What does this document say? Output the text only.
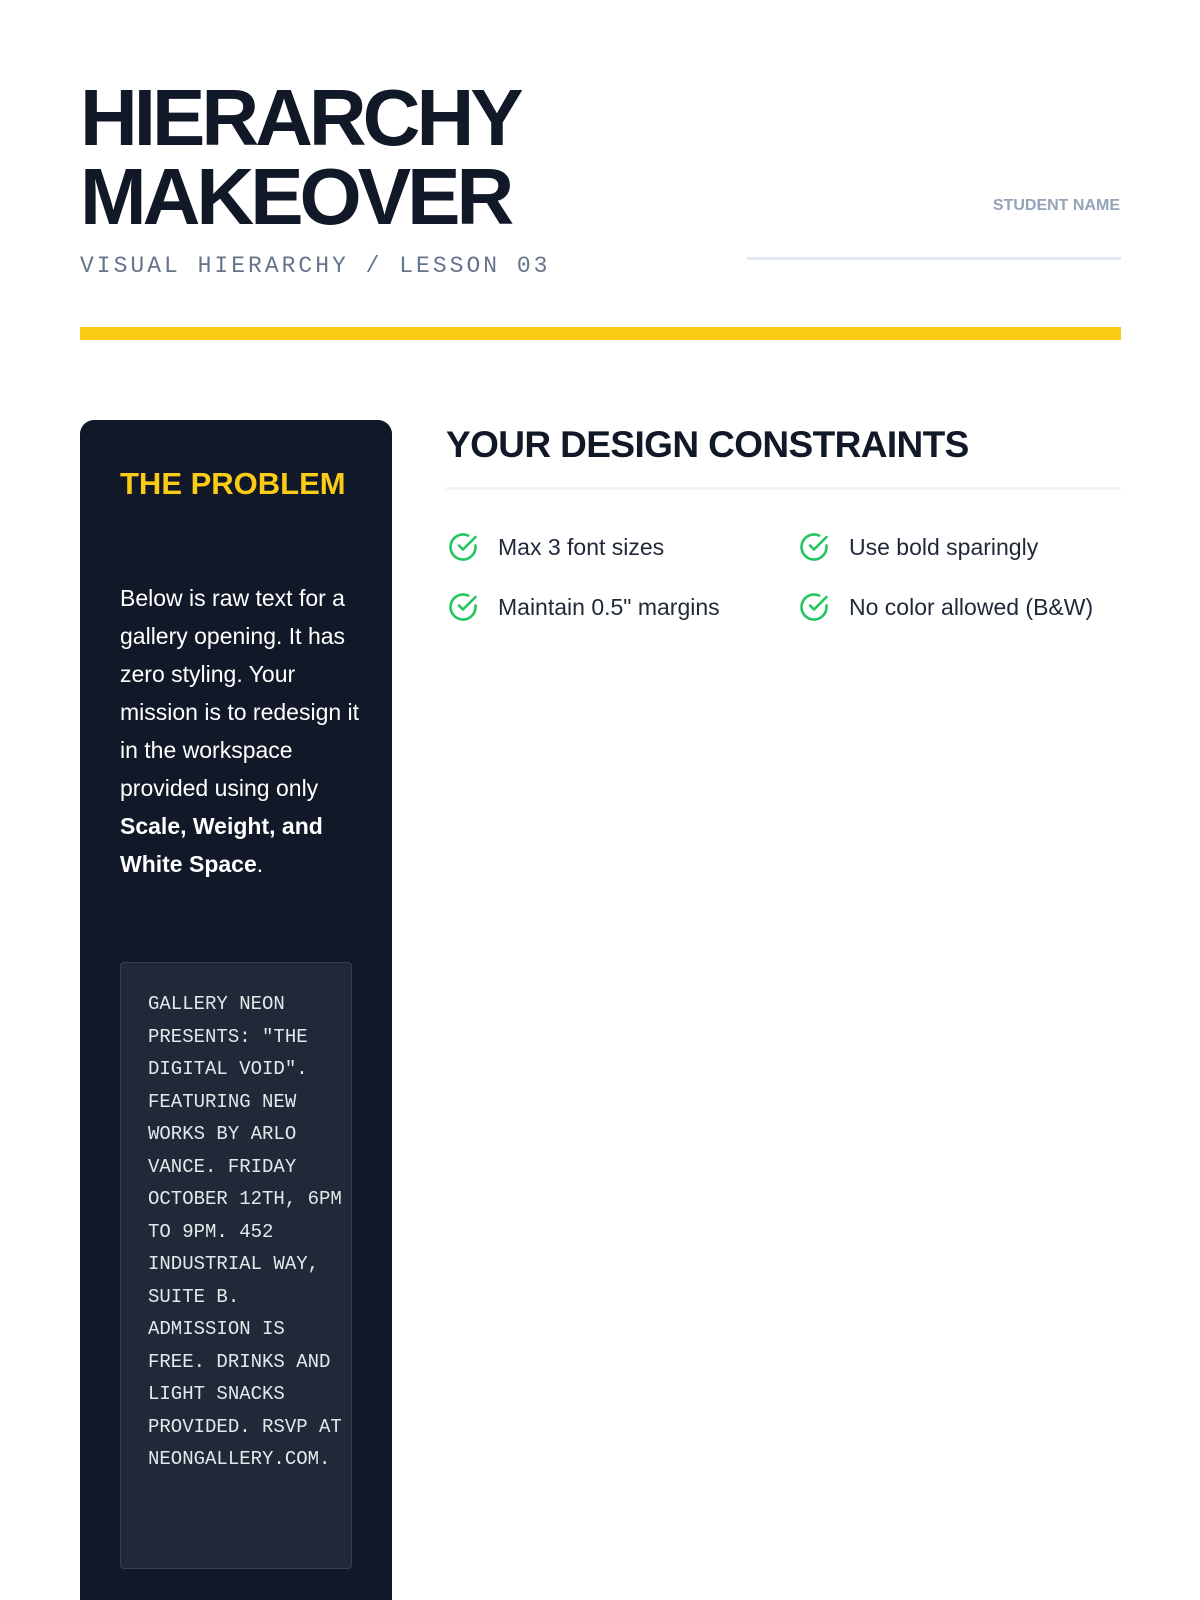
HIERARCHY
MAKEOVER
VISUAL HIERARCHY / LESSON 03
STUDENT NAME
THE PROBLEM

Below is raw text for a gallery opening. It has zero styling. Your mission is to redesign it in the workspace provided using only Scale, Weight, and White Space.

GALLERY NEON PRESENTS: "THE DIGITAL VOID". FEATURING NEW WORKS BY ARLO VANCE. FRIDAY OCTOBER 12TH, 6PM TO 9PM. 452 INDUSTRIAL WAY, SUITE B. ADMISSION IS FREE. DRINKS AND LIGHT SNACKS PROVIDED. RSVP AT NEONGALLERY.COM.

YOUR DESIGN CONSTRAINTS
Max 3 font sizes	Use bold sparingly
Maintain 0.5" margins	No color allowed (B&W)
